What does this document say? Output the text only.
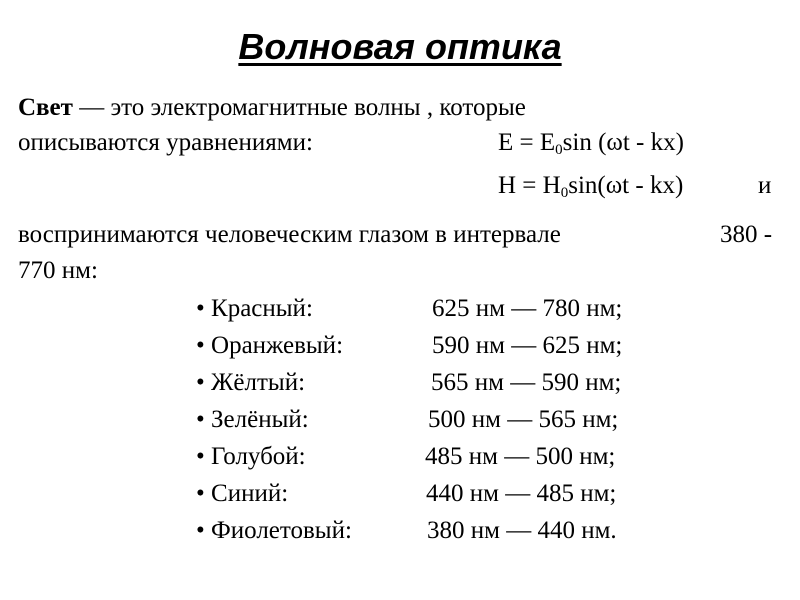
Волновая оптика
Свет — это электромагнитные волны , которые
описываются уравнениями:	$E = E_0\sin$ (ωt - kx)
$H = H_0\sin(\omega t - kx)$	и
воспринимаются человеческим глазом в интервале	380 -
770 нм:
• Красный:	625 нм — 780 нм;
• Оранжевый:	590 нм — 625 нм;
• Жёлтый:	565 нм — 590 нм;
• Зелёный:	500 нм — 565 нм;
• Голубой:	485 нм — 500 нм;
• Синий:	440 нм — 485 нм;
• Фиолетовый:	380 нм — 440 нм.
